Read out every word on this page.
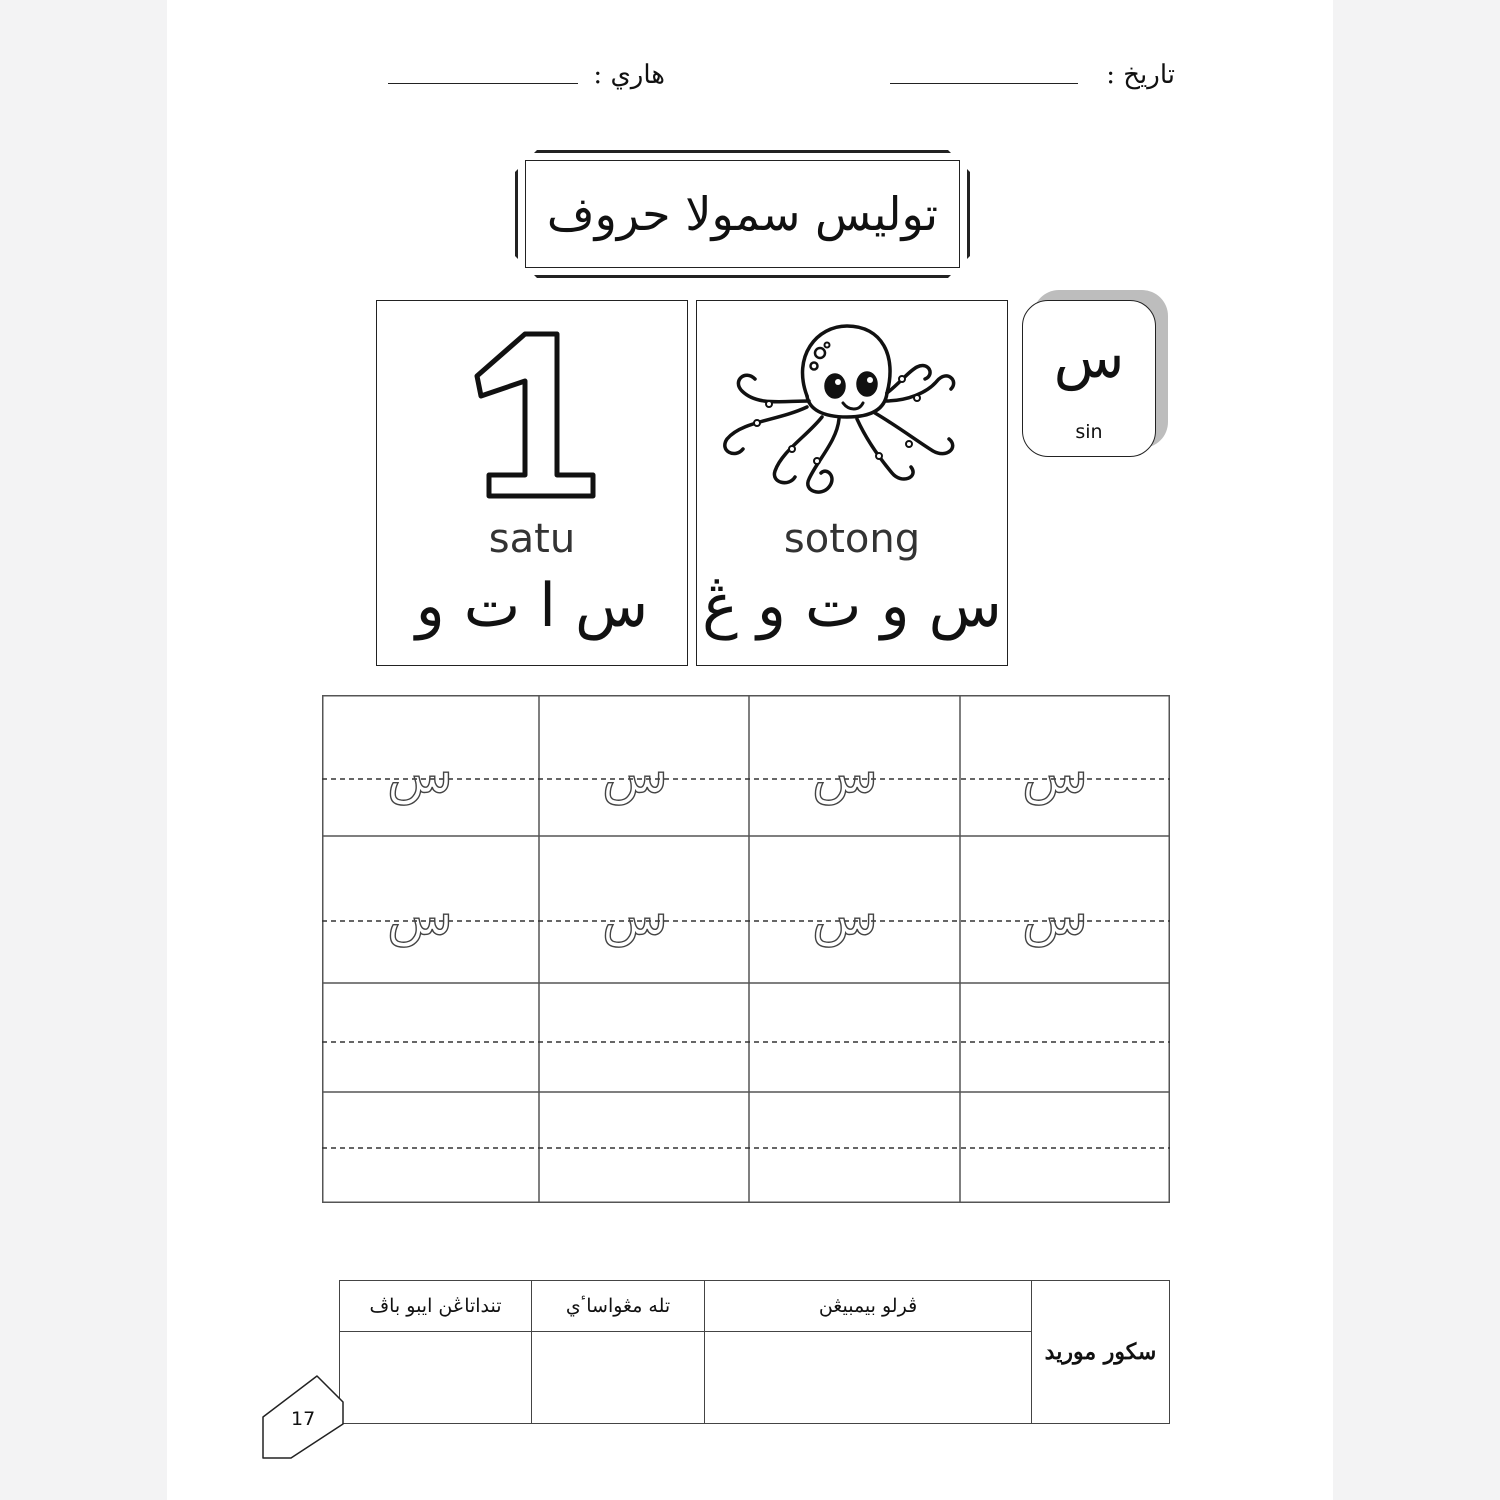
تاريخ :
هاري :
توليس سمولا حروف
س
sin
sotong
س و ت و ڠ
satu
س ا ت و
س	س	س	س
س	س	س	س
تنداتاڠن ايبو باڤ	تله مڠواساٴي	ڤرلو بيمبيڠن	سكور موريد

17
